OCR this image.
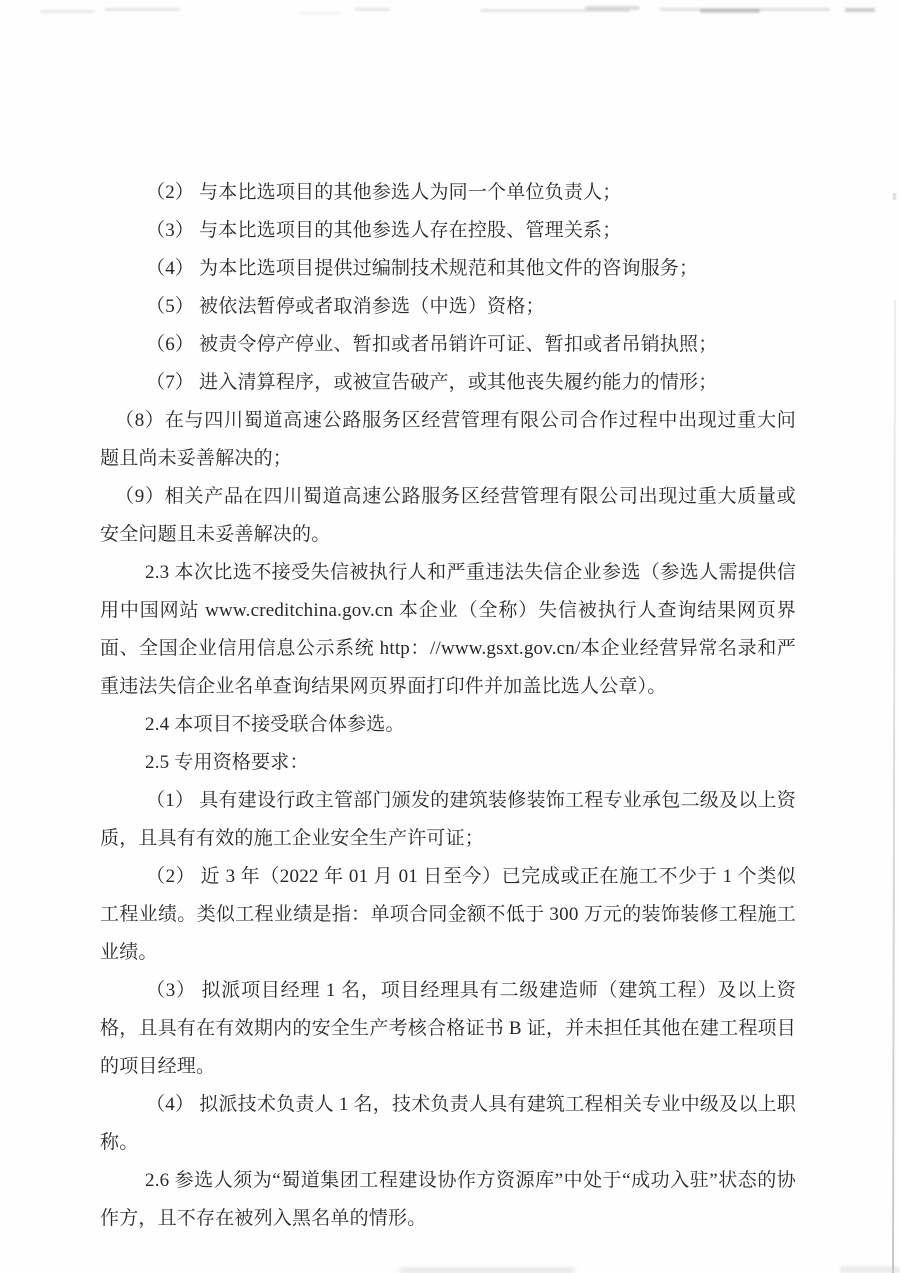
（2） 与本比选项目的其他参选人为同一个单位负责人；

（3） 与本比选项目的其他参选人存在控股、管理关系；

（4） 为本比选项目提供过编制技术规范和其他文件的咨询服务；

（5） 被依法暂停或者取消参选（中选）资格；

（6） 被责令停产停业、暂扣或者吊销许可证、暂扣或者吊销执照；

（7） 进入清算程序，或被宣告破产，或其他丧失履约能力的情形；

（8）在与四川蜀道高速公路服务区经营管理有限公司合作过程中出现过重大问题且尚未妥善解决的；

（9）相关产品在四川蜀道高速公路服务区经营管理有限公司出现过重大质量或安全问题且未妥善解决的。

2.3 本次比选不接受失信被执行人和严重违法失信企业参选（参选人需提供信用中国网站 www.creditchina.gov.cn 本企业（全称）失信被执行人查询结果网页界面、全国企业信用信息公示系统 http：//www.gsxt.gov.cn/本企业经营异常名录和严重违法失信企业名单查询结果网页界面打印件并加盖比选人公章）。

2.4 本项目不接受联合体参选。

2.5 专用资格要求：

（1） 具有建设行政主管部门颁发的建筑装修装饰工程专业承包二级及以上资质，且具有有效的施工企业安全生产许可证；

（2） 近 3 年（2022 年 01 月 01 日至今）已完成或正在施工不少于 1 个类似工程业绩。类似工程业绩是指：单项合同金额不低于 300 万元的装饰装修工程施工业绩。

（3） 拟派项目经理 1 名，项目经理具有二级建造师（建筑工程）及以上资格，且具有在有效期内的安全生产考核合格证书 B 证，并未担任其他在建工程项目的项目经理。

（4） 拟派技术负责人 1 名，技术负责人具有建筑工程相关专业中级及以上职称。

2.6 参选人须为“蜀道集团工程建设协作方资源库”中处于“成功入驻”状态的协作方，且不存在被列入黑名单的情形。
